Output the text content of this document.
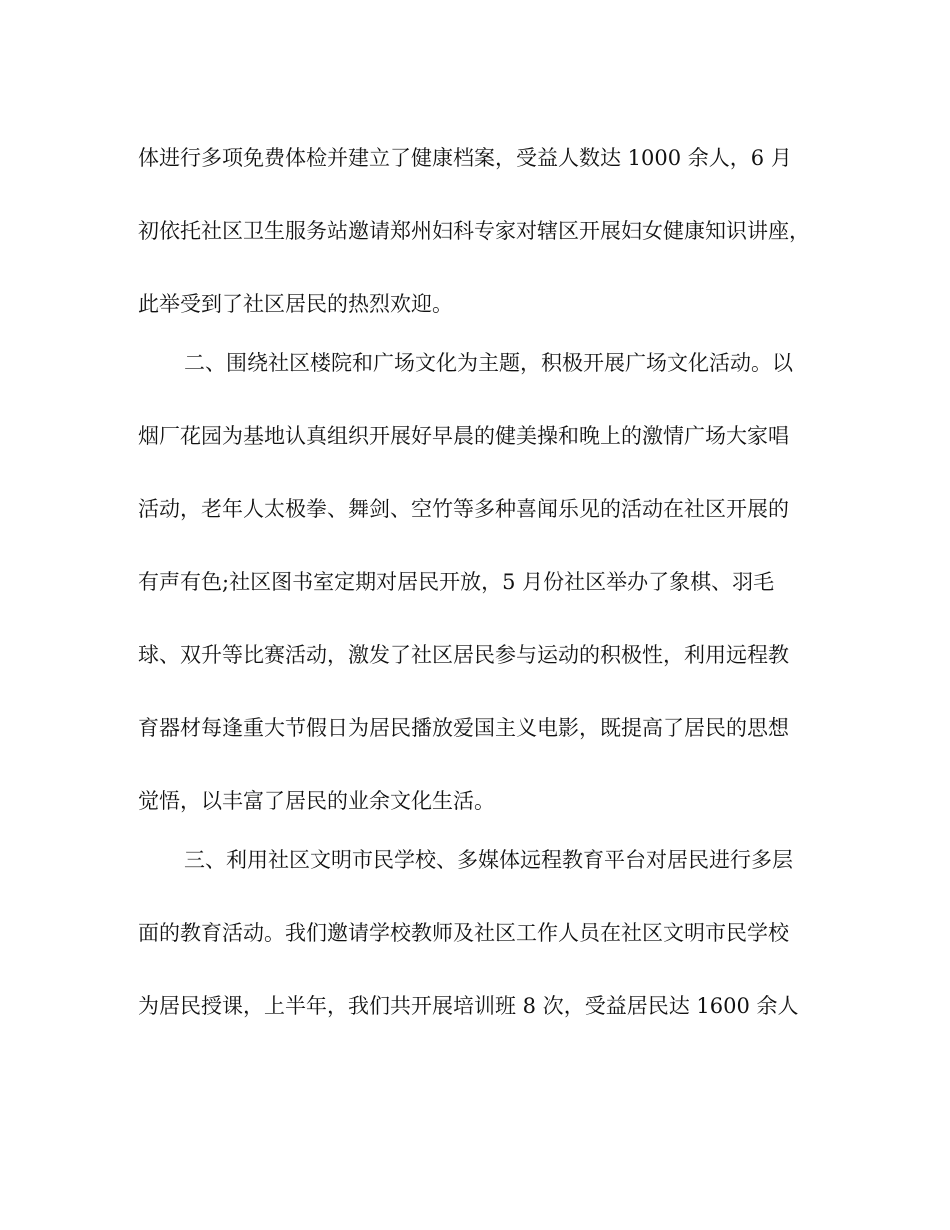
体进行多项免费体检并建立了健康档案，受益人数达 1000 余人，6 月
初依托社区卫生服务站邀请郑州妇科专家对辖区开展妇女健康知识讲座，
此举受到了社区居民的热烈欢迎。
二、围绕社区楼院和广场文化为主题，积极开展广场文化活动。以
烟厂花园为基地认真组织开展好早晨的健美操和晚上的激情广场大家唱
活动，老年人太极拳、舞剑、空竹等多种喜闻乐见的活动在社区开展的
有声有色;社区图书室定期对居民开放，5 月份社区举办了象棋、羽毛
球、双升等比赛活动，激发了社区居民参与运动的积极性，利用远程教
育器材每逢重大节假日为居民播放爱国主义电影，既提高了居民的思想
觉悟，以丰富了居民的业余文化生活。
三、利用社区文明市民学校、多媒体远程教育平台对居民进行多层
面的教育活动。我们邀请学校教师及社区工作人员在社区文明市民学校
为居民授课，上半年，我们共开展培训班 8 次，受益居民达 1600 余人
